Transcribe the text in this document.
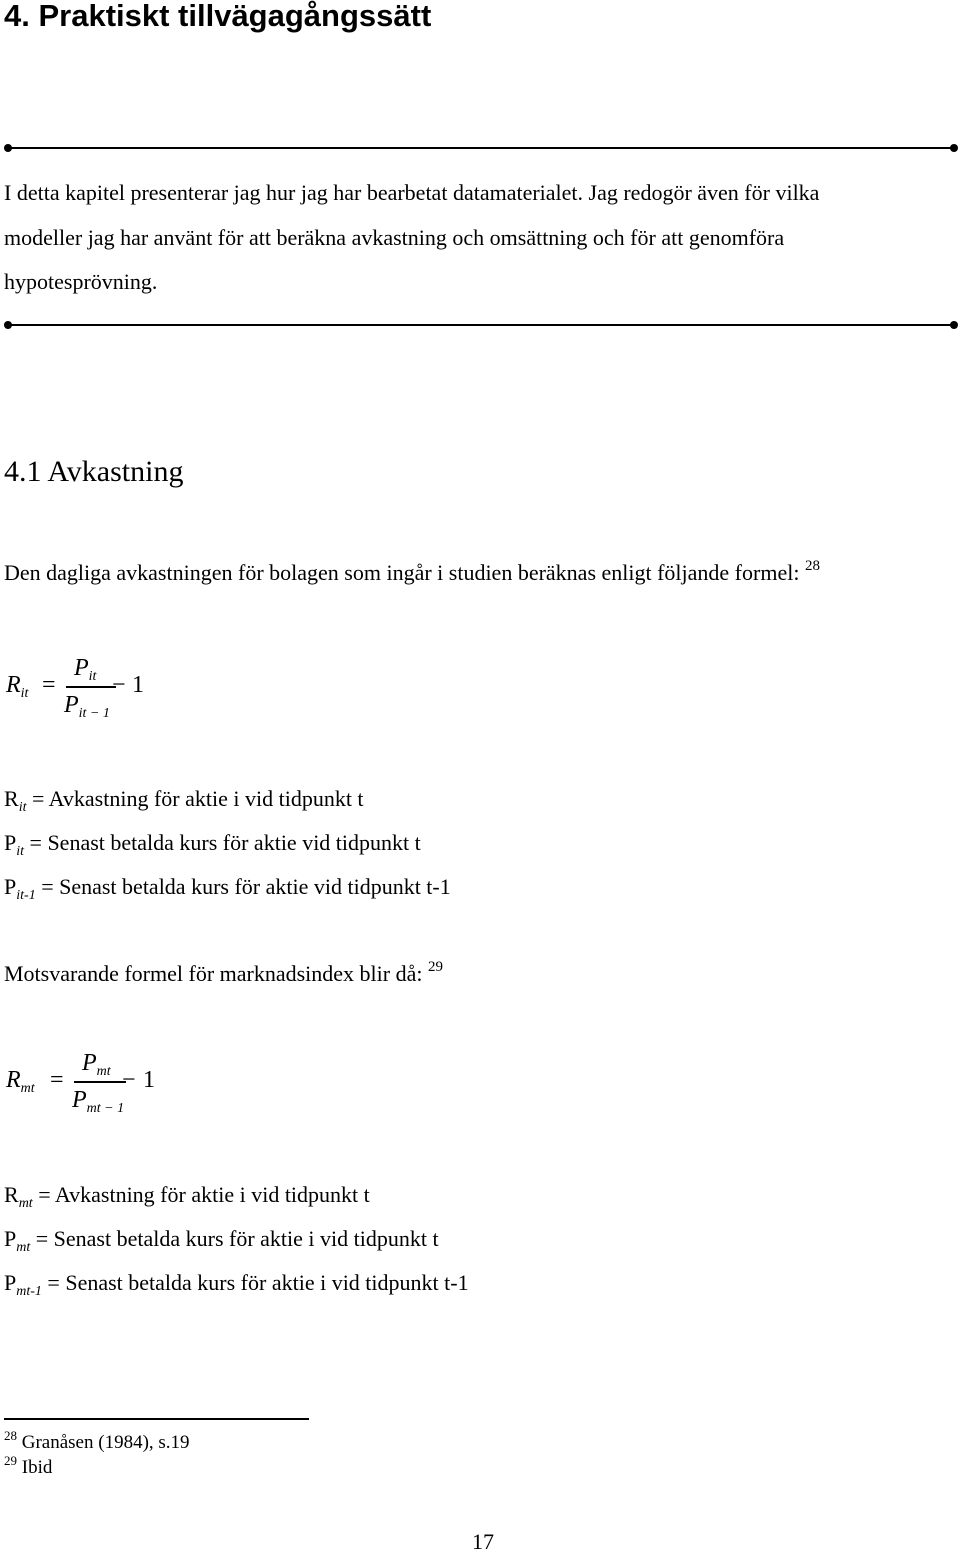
4. Praktiskt tillvägagångssätt
I detta kapitel presenterar jag hur jag har bearbetat datamaterialet. Jag redogör även för vilka
modeller jag har använt för att beräkna avkastning och omsättning och för att genomföra
hypotesprövning.
4.1 Avkastning
Den dagliga avkastningen för bolagen som ingår i studien beräknas enligt följande formel: $^{28}$
$R_{it}$ =
$P_{it}$
$P_{it - 1}$
− 1
$R_{it}$ = Avkastning för aktie i vid tidpunkt t
$P_{it}$ = Senast betalda kurs för aktie vid tidpunkt t
$P_{it-1}$ = Senast betalda kurs för aktie vid tidpunkt t-1
Motsvarande formel för marknadsindex blir då: $^{29}$
$R_{mt}$ =
$P_{mt}$
$P_{mt - 1}$
− 1
$R_{mt}$ = Avkastning för aktie i vid tidpunkt t
$P_{mt}$ = Senast betalda kurs för aktie i vid tidpunkt t
$P_{mt-1}$ = Senast betalda kurs för aktie i vid tidpunkt t-1
$^{28}$ Granåsen (1984), s.19
$^{29}$ Ibid
17
